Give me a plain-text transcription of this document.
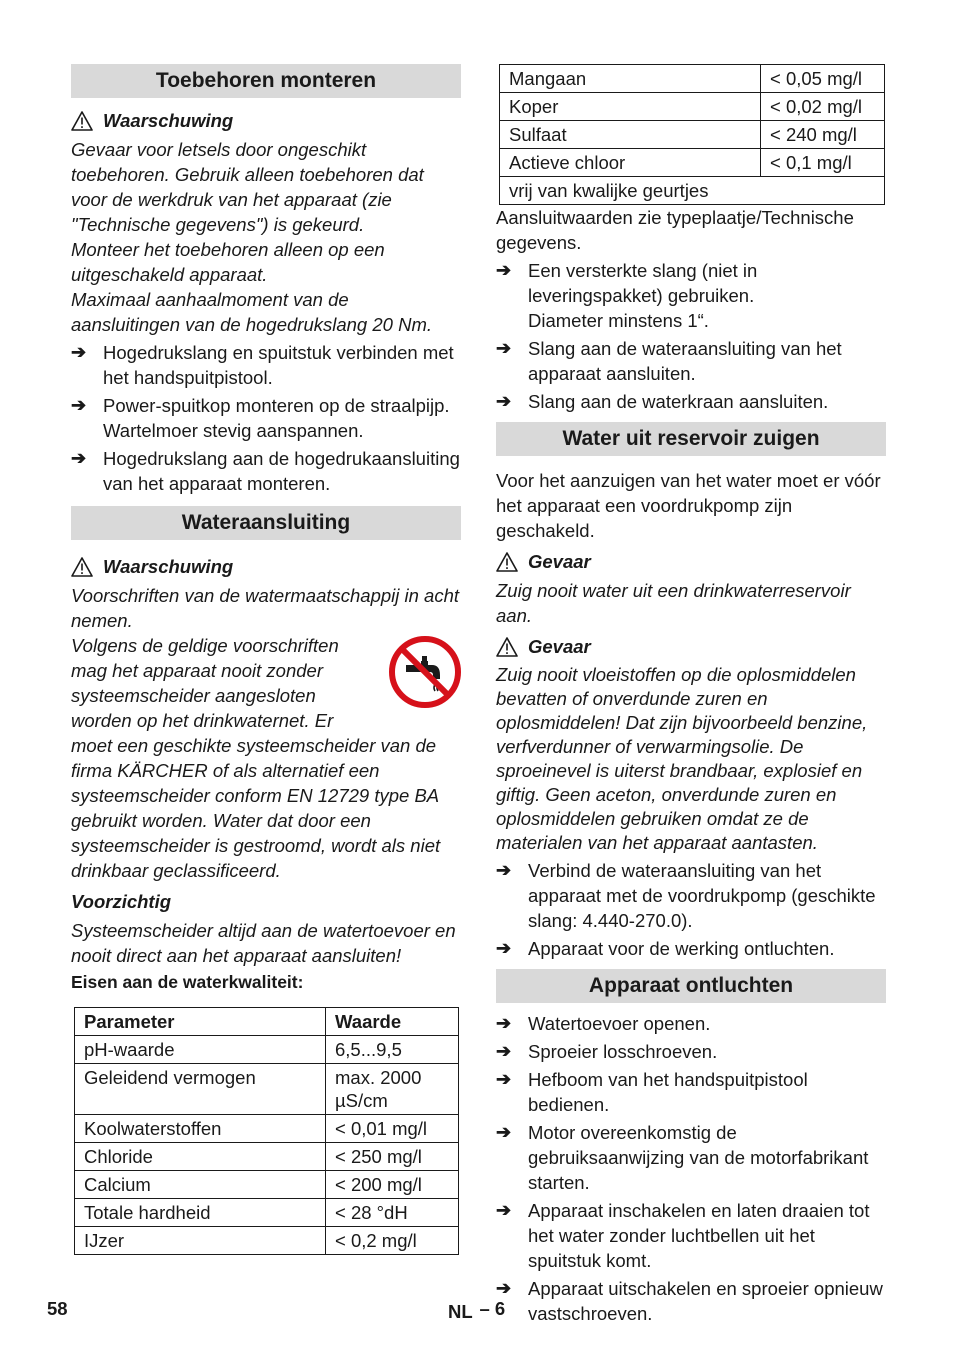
Toebehoren monteren
Waarschuwing

Gevaar voor letsels door ongeschikt toebehoren. Gebruik alleen toebehoren dat voor de werkdruk van het apparaat (zie "Technische gegevens") is gekeurd.

Monteer het toebehoren alleen op een uitgeschakeld apparaat.

Maximaal aanhaalmoment van de aansluitingen van de hogedrukslang 20 Nm.

➔ Hogedrukslang en spuitstuk verbinden met het handspuitpistool.
➔ Power-spuitkop monteren op de straalpijp. Wartelmoer stevig aanspannen.
➔ Hogedrukslang aan de hogedrukaansluiting van het apparaat monteren.
Wateraansluiting
Waarschuwing

Voorschriften van de watermaatschappij in acht nemen.

Volgens de geldige voorschriften mag het apparaat nooit zonder systeemscheider aangesloten worden op het drinkwaternet. Er moet een geschikte systeemscheider van de firma KÄRCHER of als alternatief een systeemscheider conform EN 12729 type BA gebruikt worden. Water dat door een systeemscheider is gestroomd, wordt als niet drinkbaar geclassificeerd.

Voorzichtig

Systeemscheider altijd aan de watertoevoer en nooit direct aan het apparaat aansluiten!

Eisen aan de waterkwaliteit:

Parameter	Waarde
pH-waarde	6,5...9,5
Geleidend vermogen	max. 2000 µS/cm
Koolwaterstoffen	< 0,01 mg/l
Chloride	< 250 mg/l
Calcium	< 200 mg/l
Totale hardheid	< 28 °dH
IJzer	< 0,2 mg/l
Mangaan	< 0,05 mg/l
Koper	< 0,02 mg/l
Sulfaat	< 240 mg/l
Actieve chloor	< 0,1 mg/l
vrij van kwalijke geurtjes	

Aansluitwaarden zie typeplaatje/Technische gegevens.

➔ Een versterkte slang (niet in leveringspakket) gebruiken.
Diameter minstens 1“.
➔ Slang aan de wateraansluiting van het apparaat aansluiten.
➔ Slang aan de waterkraan aansluiten.
Water uit reservoir zuigen

Voor het aanzuigen van het water moet er vóór het apparaat een voordrukpomp zijn geschakeld.

Gevaar

Zuig nooit water uit een drinkwaterreservoir aan.

Gevaar

Zuig nooit vloeistoffen op die oplosmiddelen bevatten of onverdunde zuren en oplosmiddelen! Dat zijn bijvoorbeeld benzine, verfverdunner of verwarmingsolie. De sproeinevel is uiterst brandbaar, explosief en giftig. Geen aceton, onverdunde zuren en oplosmiddelen gebruiken omdat ze de materialen van het apparaat aantasten.

➔ Verbind de wateraansluiting van het apparaat met de voordrukpomp (geschikte slang: 4.440-270.0).
➔ Apparaat voor de werking ontluchten.
Apparaat ontluchten
➔ Watertoevoer openen.
➔ Sproeier losschroeven.
➔ Hefboom van het handspuitpistool bedienen.
➔ Motor overeenkomstig de gebruiksaanwijzing van de motorfabrikant starten.
➔ Apparaat inschakelen en laten draaien tot het water zonder luchtbellen uit het spuitstuk komt.
➔ Apparaat uitschakelen en sproeier opnieuw vastschroeven.
58	NL – 6
